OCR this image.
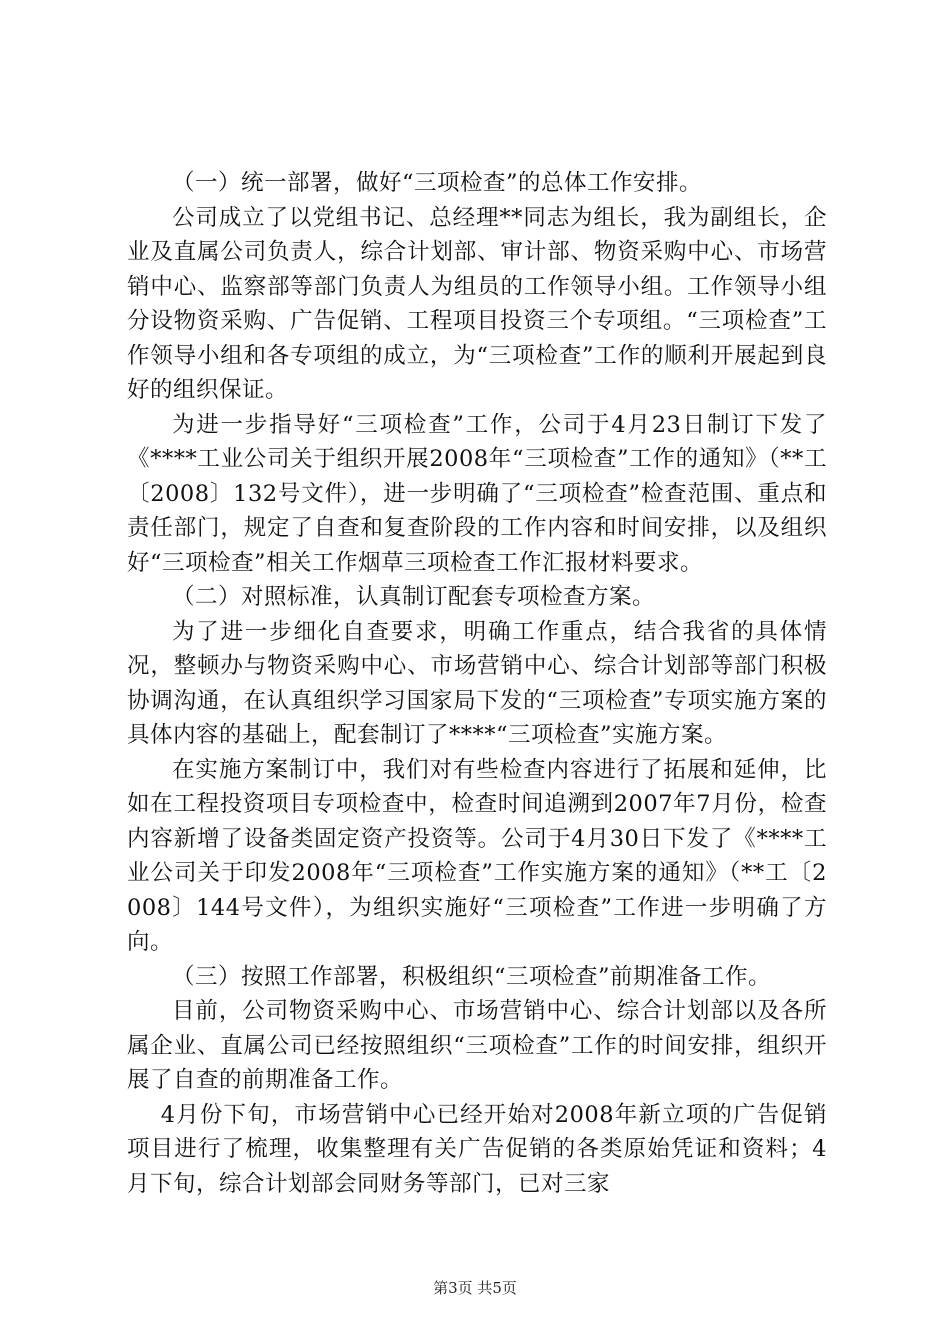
（一）统一部署，做好“三项检查”的总体工作安排。

公司成立了以党组书记、总经理**同志为组长，我为副组长，企业及直属公司负责人，综合计划部、审计部、物资采购中心、市场营销中心、监察部等部门负责人为组员的工作领导小组。工作领导小组分设物资采购、广告促销、工程项目投资三个专项组。“三项检查”工作领导小组和各专项组的成立，为“三项检查”工作的顺利开展起到良好的组织保证。

为进一步指导好“三项检查”工作，公司于4月23日制订下发了《****工业公司关于组织开展2008年“三项检查”工作的通知》（**工〔2008〕132号文件），进一步明确了“三项检查”检查范围、重点和责任部门，规定了自查和复查阶段的工作内容和时间安排，以及组织好“三项检查”相关工作烟草三项检查工作汇报材料要求。

（二）对照标准，认真制订配套专项检查方案。

为了进一步细化自查要求，明确工作重点，结合我省的具体情况，整顿办与物资采购中心、市场营销中心、综合计划部等部门积极协调沟通，在认真组织学习国家局下发的“三项检查”专项实施方案的具体内容的基础上，配套制订了****“三项检查”实施方案。

在实施方案制订中，我们对有些检查内容进行了拓展和延伸，比如在工程投资项目专项检查中，检查时间追溯到2007年7月份，检查内容新增了设备类固定资产投资等。公司于4月30日下发了《****工业公司关于印发2008年“三项检查”工作实施方案的通知》（**工〔2008〕144号文件），为组织实施好“三项检查”工作进一步明确了方向。

（三）按照工作部署，积极组织“三项检查”前期准备工作。

目前，公司物资采购中心、市场营销中心、综合计划部以及各所属企业、直属公司已经按照组织“三项检查”工作的时间安排，组织开展了自查的前期准备工作。

4月份下旬，市场营销中心已经开始对2008年新立项的广告促销项目进行了梳理，收集整理有关广告促销的各类原始凭证和资料；4月下旬，综合计划部会同财务等部门，已对三家

第3页 共5页
